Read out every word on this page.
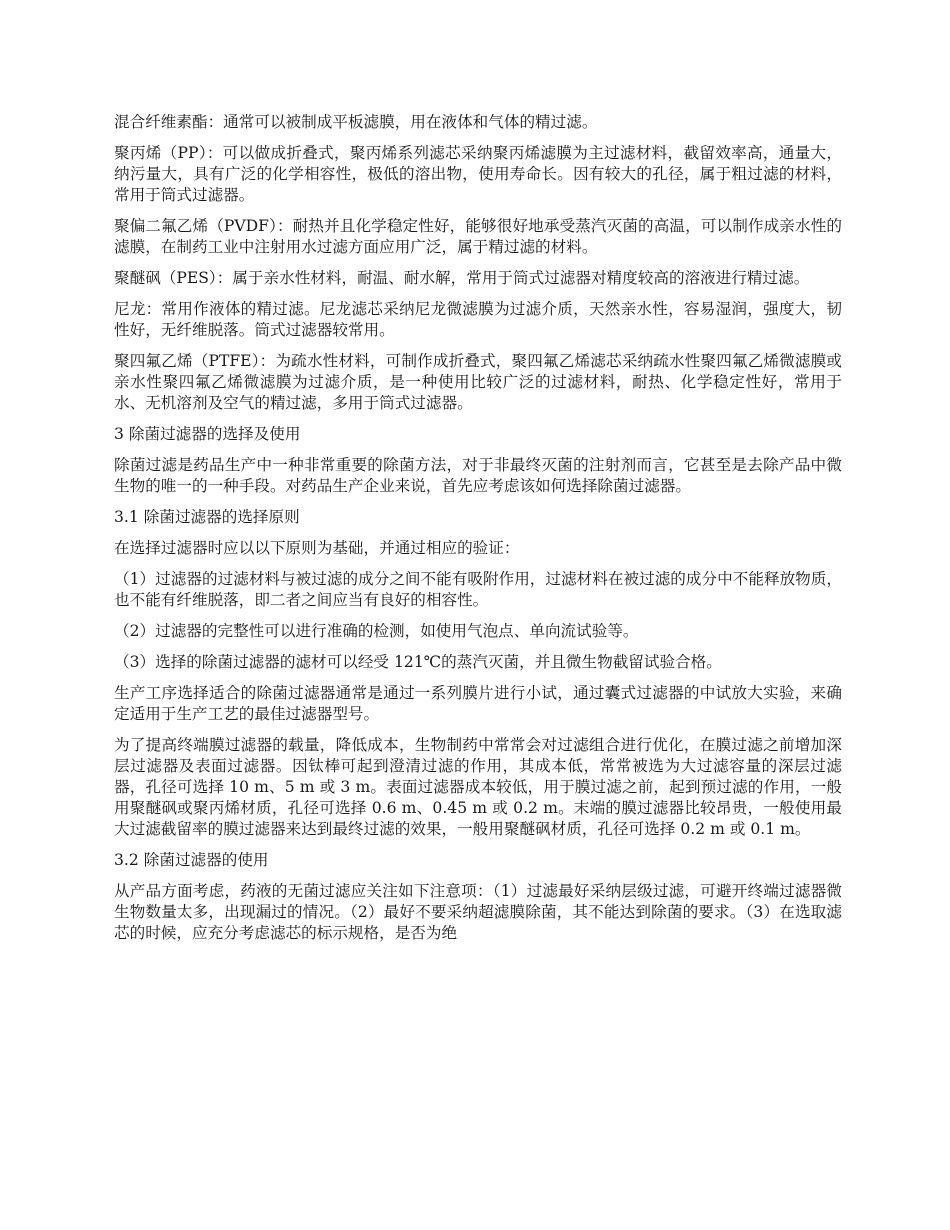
混合纤维素酯：通常可以被制成平板滤膜，用在液体和气体的精过滤。

聚丙烯（PP）：可以做成折叠式，聚丙烯系列滤芯采纳聚丙烯滤膜为主过滤材料，截留效率高，通量大，纳污量大，具有广泛的化学相容性，极低的溶出物，使用寿命长。因有较大的孔径，属于粗过滤的材料，常用于筒式过滤器。

聚偏二氟乙烯（PVDF）：耐热并且化学稳定性好，能够很好地承受蒸汽灭菌的高温，可以制作成亲水性的滤膜，在制药工业中注射用水过滤方面应用广泛，属于精过滤的材料。

聚醚砜（PES）：属于亲水性材料，耐温、耐水解，常用于筒式过滤器对精度较高的溶液进行精过滤。

尼龙：常用作液体的精过滤。尼龙滤芯采纳尼龙微滤膜为过滤介质，天然亲水性，容易湿润，强度大，韧性好，无纤维脱落。筒式过滤器较常用。

聚四氟乙烯（PTFE）：为疏水性材料，可制作成折叠式，聚四氟乙烯滤芯采纳疏水性聚四氟乙烯微滤膜或亲水性聚四氟乙烯微滤膜为过滤介质，是一种使用比较广泛的过滤材料，耐热、化学稳定性好，常用于水、无机溶剂及空气的精过滤，多用于筒式过滤器。

3 除菌过滤器的选择及使用

除菌过滤是药品生产中一种非常重要的除菌方法，对于非最终灭菌的注射剂而言，它甚至是去除产品中微生物的唯一的一种手段。对药品生产企业来说，首先应考虑该如何选择除菌过滤器。

3.1 除菌过滤器的选择原则

在选择过滤器时应以以下原则为基础，并通过相应的验证：

（1）过滤器的过滤材料与被过滤的成分之间不能有吸附作用，过滤材料在被过滤的成分中不能释放物质，也不能有纤维脱落，即二者之间应当有良好的相容性。

（2）过滤器的完整性可以进行准确的检测，如使用气泡点、单向流试验等。

（3）选择的除菌过滤器的滤材可以经受 121℃的蒸汽灭菌，并且微生物截留试验合格。

生产工序选择适合的除菌过滤器通常是通过一系列膜片进行小试，通过囊式过滤器的中试放大实验，来确定适用于生产工艺的最佳过滤器型号。

为了提高终端膜过滤器的载量，降低成本，生物制药中常常会对过滤组合进行优化，在膜过滤之前增加深层过滤器及表面过滤器。因钛棒可起到澄清过滤的作用，其成本低，常常被选为大过滤容量的深层过滤器，孔径可选择 10 m、5 m 或 3 m。表面过滤器成本较低，用于膜过滤之前，起到预过滤的作用，一般用聚醚砜或聚丙烯材质，孔径可选择 0.6 m、0.45 m 或 0.2 m。末端的膜过滤器比较昂贵，一般使用最大过滤截留率的膜过滤器来达到最终过滤的效果，一般用聚醚砜材质，孔径可选择 0.2 m 或 0.1 m。

3.2 除菌过滤器的使用

从产品方面考虑，药液的无菌过滤应关注如下注意项：（1）过滤最好采纳层级过滤，可避开终端过滤器微生物数量太多，出现漏过的情况。（2）最好不要采纳超滤膜除菌，其不能达到除菌的要求。（3）在选取滤芯的时候，应充分考虑滤芯的标示规格，是否为绝
